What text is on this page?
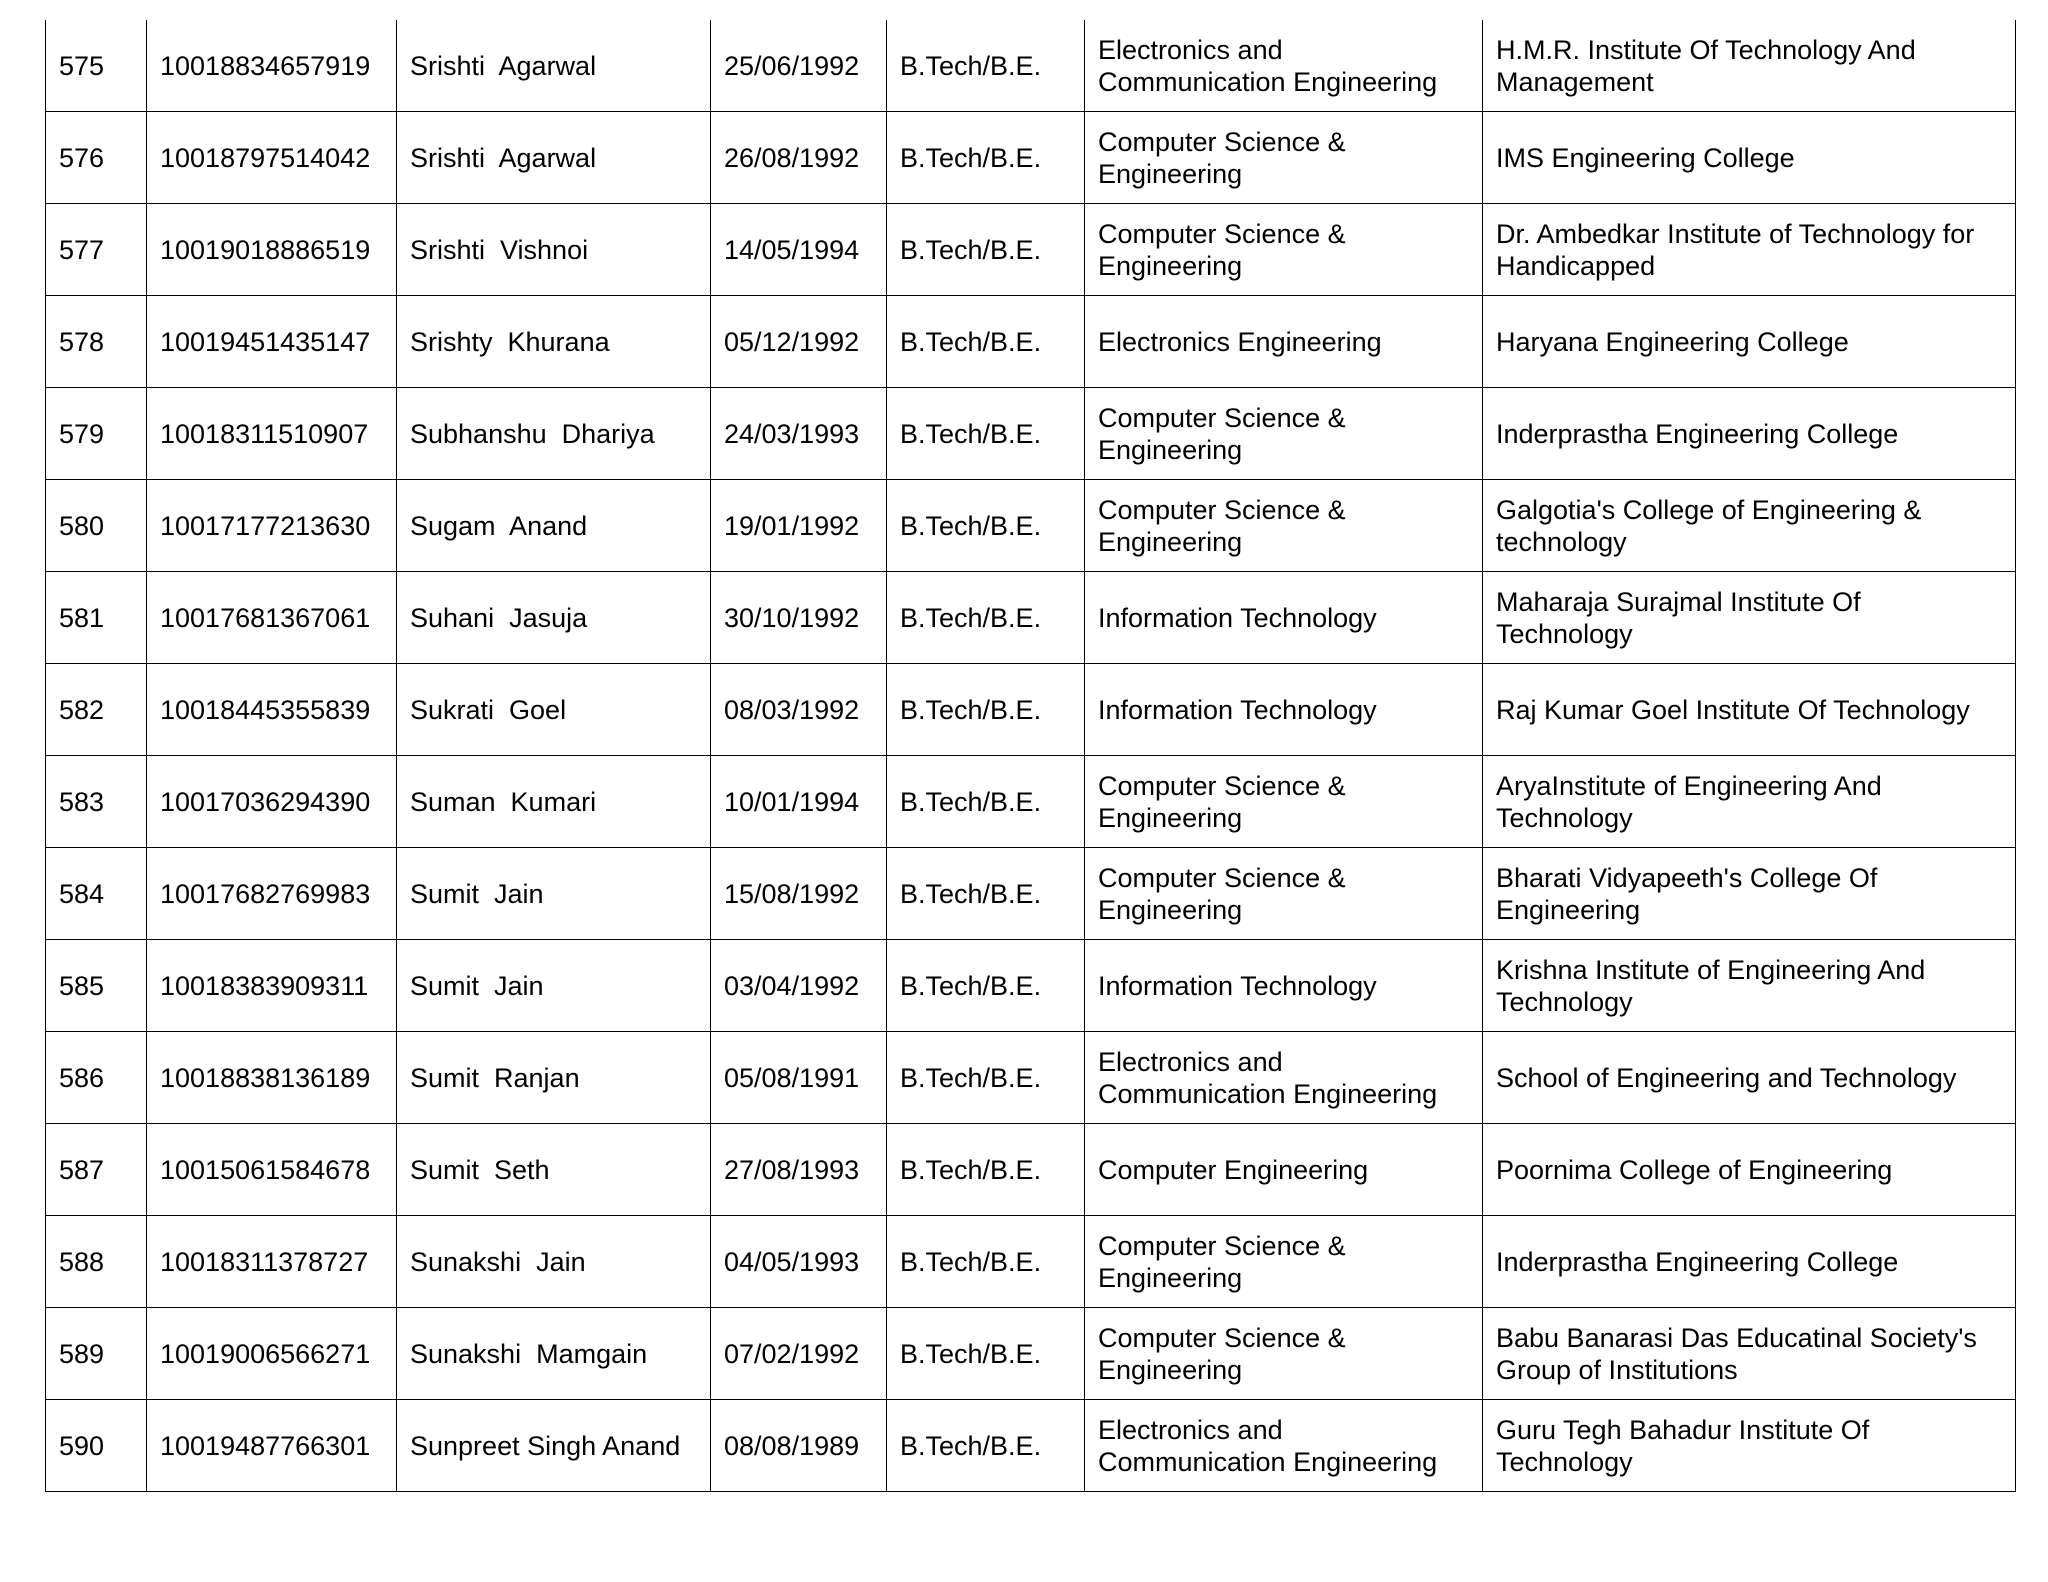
575	10018834657919	Srishti  Agarwal	25/06/1992	B.Tech/B.E.	Electronics and Communication Engineering	H.M.R. Institute Of Technology And Management
576	10018797514042	Srishti  Agarwal	26/08/1992	B.Tech/B.E.	Computer Science & Engineering	IMS Engineering College
577	10019018886519	Srishti  Vishnoi	14/05/1994	B.Tech/B.E.	Computer Science & Engineering	Dr. Ambedkar Institute of Technology for Handicapped
578	10019451435147	Srishty  Khurana	05/12/1992	B.Tech/B.E.	Electronics Engineering	Haryana Engineering College
579	10018311510907	Subhanshu  Dhariya	24/03/1993	B.Tech/B.E.	Computer Science & Engineering	Inderprastha Engineering College
580	10017177213630	Sugam  Anand	19/01/1992	B.Tech/B.E.	Computer Science & Engineering	Galgotia's College of Engineering & technology
581	10017681367061	Suhani  Jasuja	30/10/1992	B.Tech/B.E.	Information Technology	Maharaja Surajmal Institute Of Technology
582	10018445355839	Sukrati  Goel	08/03/1992	B.Tech/B.E.	Information Technology	Raj Kumar Goel Institute Of Technology
583	10017036294390	Suman  Kumari	10/01/1994	B.Tech/B.E.	Computer Science & Engineering	AryaInstitute of Engineering And Technology
584	10017682769983	Sumit  Jain	15/08/1992	B.Tech/B.E.	Computer Science & Engineering	Bharati Vidyapeeth's College Of Engineering
585	10018383909311	Sumit  Jain	03/04/1992	B.Tech/B.E.	Information Technology	Krishna Institute of Engineering And Technology
586	10018838136189	Sumit  Ranjan	05/08/1991	B.Tech/B.E.	Electronics and Communication Engineering	School of Engineering and Technology
587	10015061584678	Sumit  Seth	27/08/1993	B.Tech/B.E.	Computer Engineering	Poornima College of Engineering
588	10018311378727	Sunakshi  Jain	04/05/1993	B.Tech/B.E.	Computer Science & Engineering	Inderprastha Engineering College
589	10019006566271	Sunakshi  Mamgain	07/02/1992	B.Tech/B.E.	Computer Science & Engineering	Babu Banarasi Das Educatinal Society's Group of Institutions
590	10019487766301	Sunpreet Singh Anand	08/08/1989	B.Tech/B.E.	Electronics and Communication Engineering	Guru Tegh Bahadur Institute Of Technology
